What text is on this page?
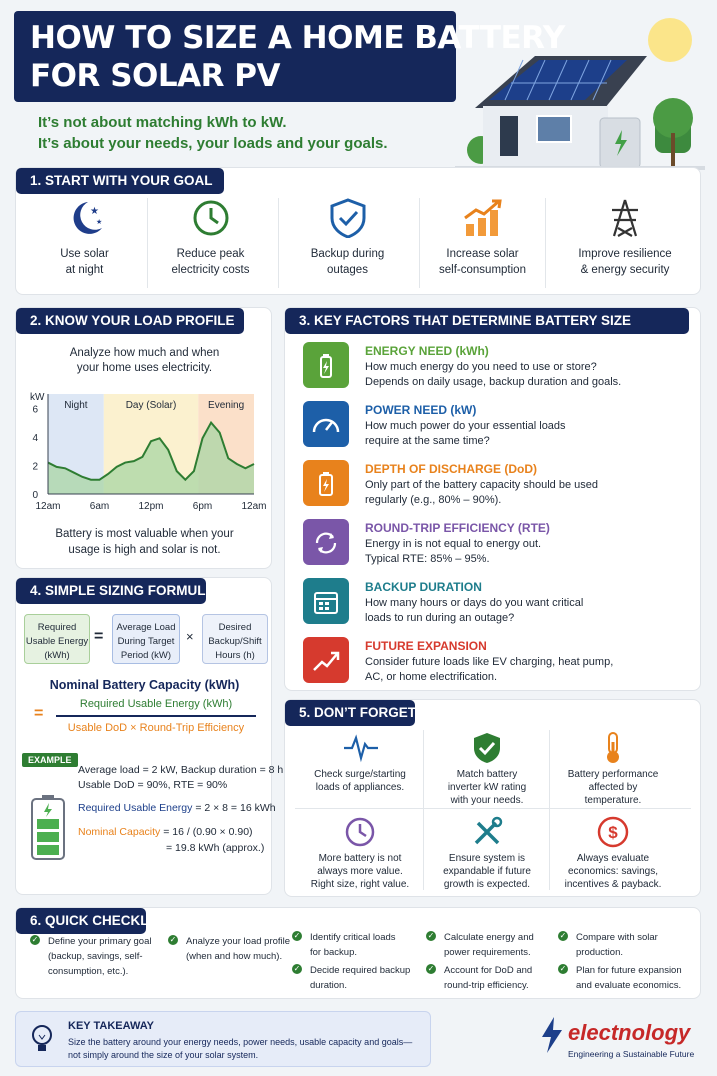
HOW TO SIZE A HOME BATTERY
FOR SOLAR PV
It’s not about matching kWh to kW.
It’s about your needs, your loads and your goals.
1. START WITH YOUR GOAL
★
★
Use solar
at night
Reduce peak
electricity costs
Backup during
outages
Increase solar
self-consumption
Improve resilience
& energy security
2. KNOW YOUR LOAD PROFILE
Analyze how much and when
your home uses electricity.
Night	Day (Solar)	Evening
kW
0
2
4
6
12am	6am	12pm	6pm	12am
Battery is most valuable when your
usage is high and solar is not.
4. SIMPLE SIZING FORMULA
Required
Usable Energy
(kWh)
=
Average Load
During Target
Period (kW)
×
Desired
Backup/Shift
Hours (h)
Nominal Battery Capacity (kWh)
=
Required Usable Energy (kWh)
Usable DoD × Round-Trip Efficiency
EXAMPLE
Average load = 2 kW, Backup duration = 8 h
Usable DoD = 90%, RTE = 90%
Required Usable Energy = 2 × 8 = 16 kWh
Nominal Capacity = 16 / (0.90 × 0.90)
= 19.8 kWh (approx.)
3. KEY FACTORS THAT DETERMINE BATTERY SIZE
ENERGY NEED (kWh)
How much energy do you need to use or store?
Depends on daily usage, backup duration and goals.
POWER NEED (kW)
How much power do your essential loads
require at the same time?
DEPTH OF DISCHARGE (DoD)
Only part of the battery capacity should be used
regularly (e.g., 80% – 90%).
ROUND-TRIP EFFICIENCY (RTE)
Energy in is not equal to energy out.
Typical RTE: 85% – 95%.
BACKUP DURATION
How many hours or days do you want critical
loads to run during an outage?
FUTURE EXPANSION
Consider future loads like EV charging, heat pump,
AC, or home electrification.
5. DON’T FORGET
Check surge/starting
loads of appliances.
Match battery
inverter kW rating
with your needs.
Battery performance
affected by
temperature.
More battery is not
always more value.
Right size, right value.
Ensure system is
expandable if future
growth is expected.
$
Always evaluate
economics: savings,
incentives & payback.
6. QUICK CHECKLIST
✓ Define your primary goal
(backup, savings, self-
consumption, etc.).
✓ Analyze your load profile
(when and how much).
✓ Identify critical loads
for backup.
✓ Decide required backup
duration.
✓ Calculate energy and
power requirements.
✓ Account for DoD and
round-trip efficiency.
✓ Compare with solar
production.
✓ Plan for future expansion
and evaluate economics.
KEY TAKEAWAY
Size the battery around your energy needs, power needs, usable capacity and goals—
not simply around the size of your solar system.
electnology
Engineering a Sustainable Future
